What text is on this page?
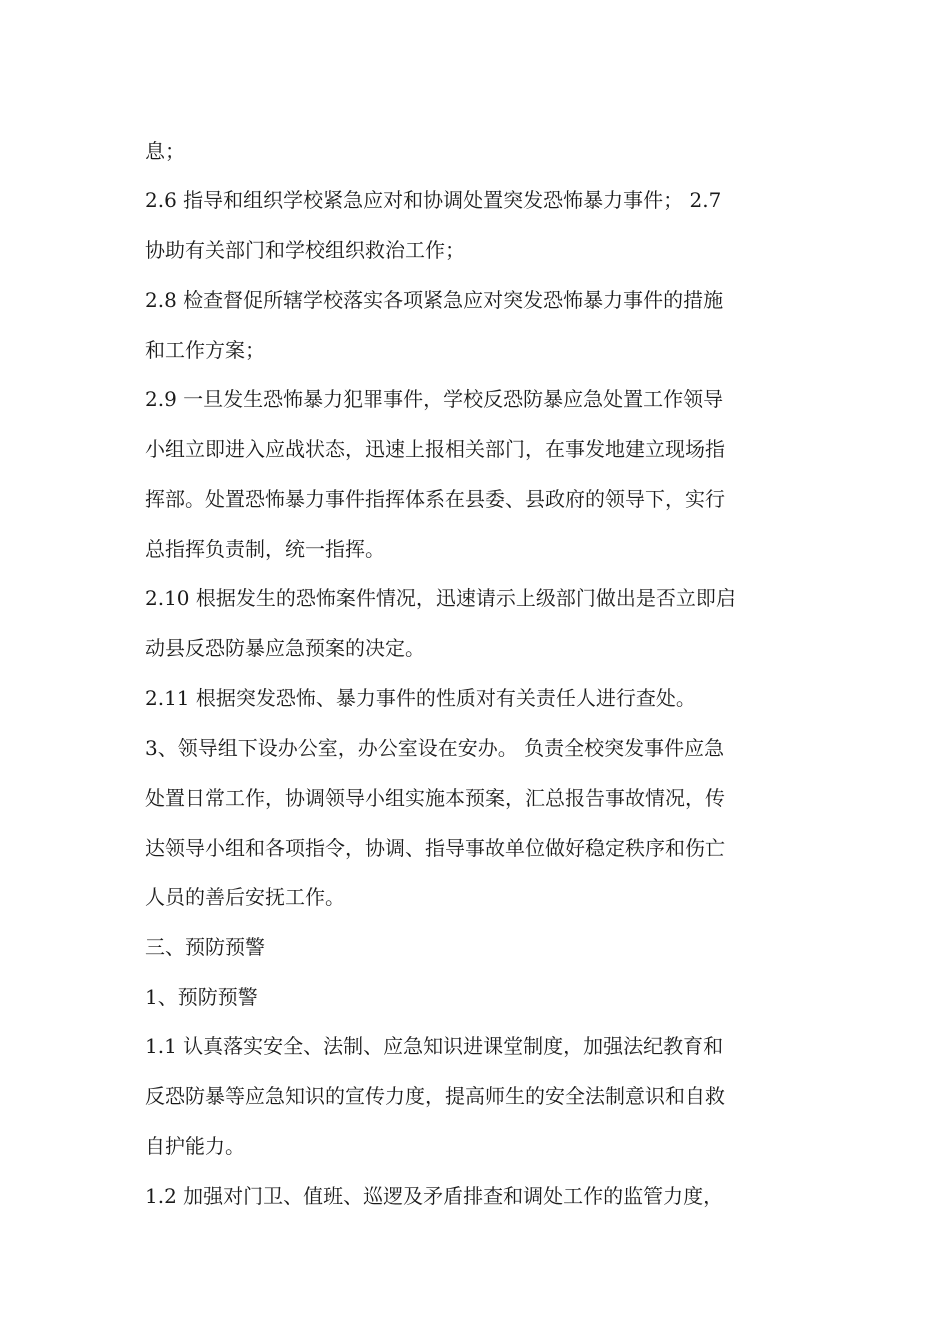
息；
2.6 指导和组织学校紧急应对和协调处置突发恐怖暴力事件； 2.7
协助有关部门和学校组织救治工作；
2.8 检查督促所辖学校落实各项紧急应对突发恐怖暴力事件的措施
和工作方案；
2.9 一旦发生恐怖暴力犯罪事件，学校反恐防暴应急处置工作领导
小组立即进入应战状态，迅速上报相关部门，在事发地建立现场指
挥部。处置恐怖暴力事件指挥体系在县委、县政府的领导下，实行
总指挥负责制，统一指挥。
2.10 根据发生的恐怖案件情况，迅速请示上级部门做出是否立即启
动县反恐防暴应急预案的决定。
2.11 根据突发恐怖、暴力事件的性质对有关责任人进行查处。
3、领导组下设办公室，办公室设在安办。 负责全校突发事件应急
处置日常工作，协调领导小组实施本预案，汇总报告事故情况，传
达领导小组和各项指令，协调、指导事故单位做好稳定秩序和伤亡
人员的善后安抚工作。
三、预防预警
1、预防预警
1.1 认真落实安全、法制、应急知识进课堂制度，加强法纪教育和
反恐防暴等应急知识的宣传力度，提高师生的安全法制意识和自救
自护能力。
1.2 加强对门卫、值班、巡逻及矛盾排查和调处工作的监管力度，
